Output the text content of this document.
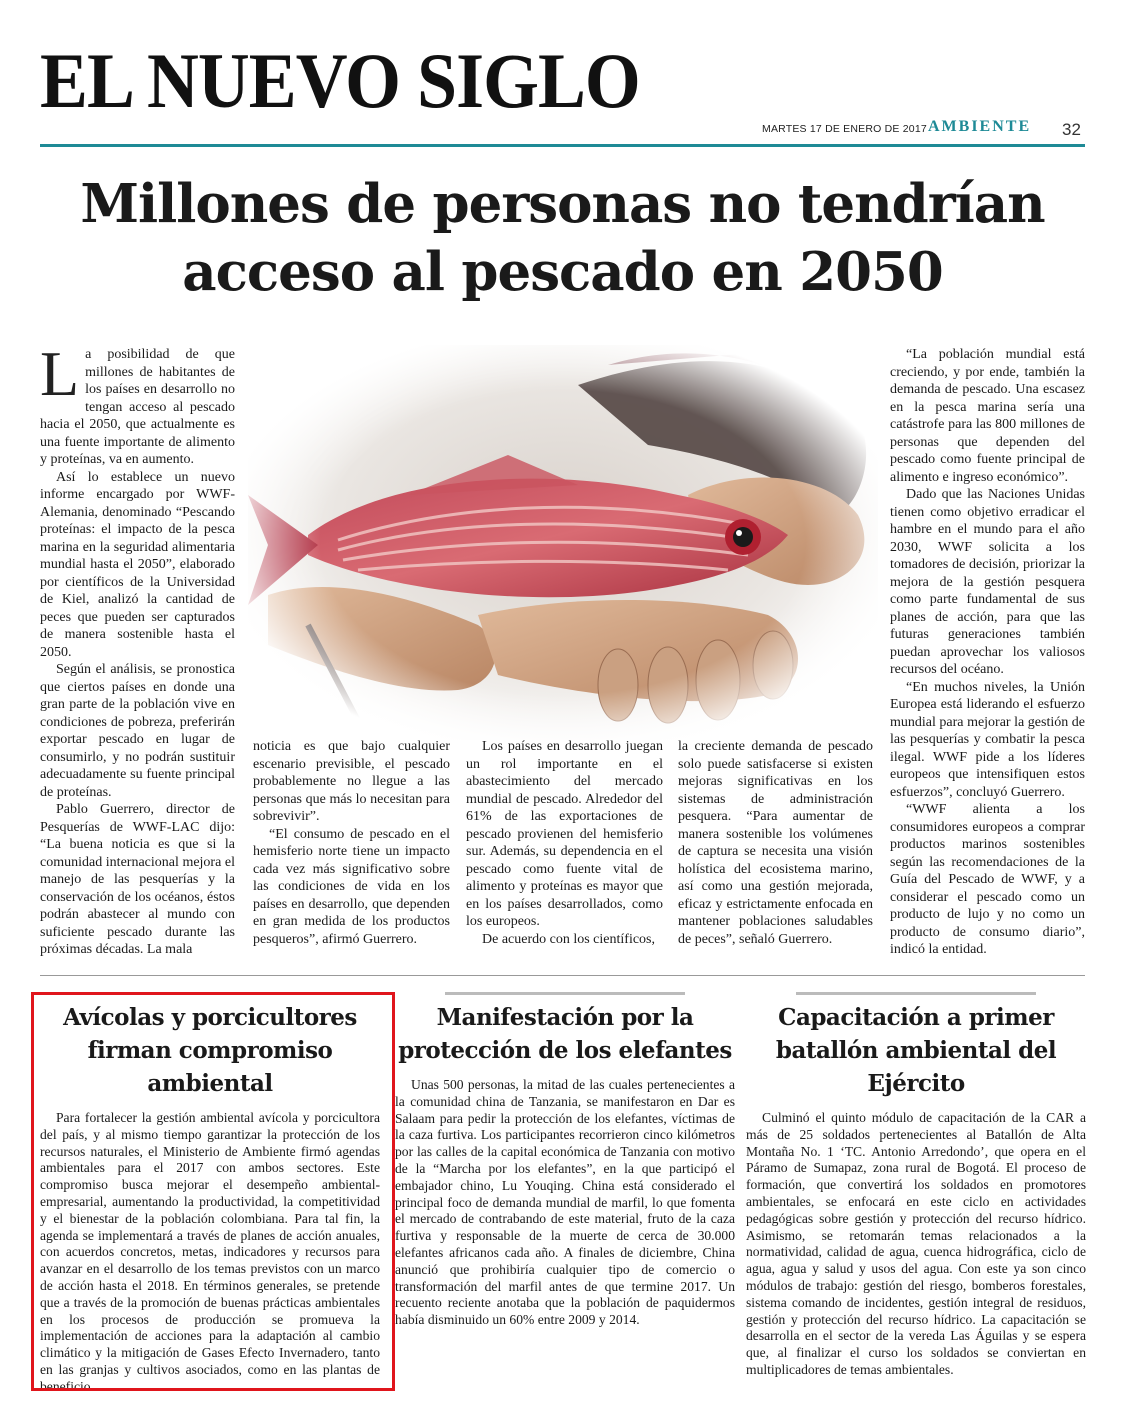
EL NUEVO SIGLO
MARTES 17 DE ENERO DE 2017 AMBIENTE 32
Millones de personas no tendrían
acceso al pescado en 2050

La posibilidad de que millones de habitantes de los países en desarrollo no tengan acceso al pescado hacia el 2050, que actualmente es una fuente importante de alimento y proteínas, va en aumento.

Así lo establece un nuevo informe encargado por WWF-Alemania, denominado “Pescando proteínas: el impacto de la pesca marina en la seguridad alimentaria mundial hasta el 2050”, elaborado por científicos de la Universidad de Kiel, analizó la cantidad de peces que pueden ser capturados de manera sostenible hasta el 2050.

Según el análisis, se pronostica que ciertos países en donde una gran parte de la población vive en condiciones de pobreza, preferirán exportar pescado en lugar de consumirlo, y no podrán sustituir adecuadamente su fuente principal de proteínas.

Pablo Guerrero, director de Pesquerías de WWF-LAC dijo: “La buena noticia es que si la comunidad internacional mejora el manejo de las pesquerías y la conservación de los océanos, éstos podrán abastecer al mundo con suficiente pescado durante las próximas décadas. La mala

noticia es que bajo cualquier escenario previsible, el pescado probablemente no llegue a las personas que más lo necesitan para sobrevivir”.

“El consumo de pescado en el hemisferio norte tiene un impacto cada vez más significativo sobre las condiciones de vida en los países en desarrollo, que dependen en gran medida de los productos pesqueros”, afirmó Guerrero.

Los países en desarrollo juegan un rol importante en el abastecimiento del mercado mundial de pescado. Alrededor del 61% de las exportaciones de pescado provienen del hemisferio sur. Además, su dependencia en el pescado como fuente vital de alimento y proteínas es mayor que en los países desarrollados, como los europeos.

De acuerdo con los científicos,

la creciente demanda de pescado solo puede satisfacerse si existen mejoras significativas en los sistemas de administración pesquera. “Para aumentar de manera sostenible los volúmenes de captura se necesita una visión holística del ecosistema marino, así como una gestión mejorada, eficaz y estrictamente enfocada en mantener poblaciones saludables de peces”, señaló Guerrero.

“La población mundial está creciendo, y por ende, también la demanda de pescado. Una escasez en la pesca marina sería una catástrofe para las 800 millones de personas que dependen del pescado como fuente principal de alimento e ingreso económico”.

Dado que las Naciones Unidas tienen como objetivo erradicar el hambre en el mundo para el año 2030, WWF solicita a los tomadores de decisión, priorizar la mejora de la gestión pesquera como parte fundamental de sus planes de acción, para que las futuras generaciones también puedan aprovechar los valiosos recursos del océano.

“En muchos niveles, la Unión Europea está liderando el esfuerzo mundial para mejorar la gestión de las pesquerías y combatir la pesca ilegal. WWF pide a los líderes europeos que intensifiquen estos esfuerzos”, concluyó Guerrero.

“WWF alienta a los consumidores europeos a comprar productos marinos sostenibles según las recomendaciones de la Guía del Pescado de WWF, y a considerar el pescado como un producto de lujo y no como un producto de consumo diario”, indicó la entidad.

Avícolas y porcicultores
firman compromiso ambiental
Para fortalecer la gestión ambiental avícola y porcicultora del país, y al mismo tiempo garantizar la protección de los recursos naturales, el Ministerio de Ambiente firmó agendas ambientales para el 2017 con ambos sectores. Este compromiso busca mejorar el desempeño ambiental-empresarial, aumentando la productividad, la competitividad y el bienestar de la población colombiana. Para tal fin, la agenda se implementará a través de planes de acción anuales, con acuerdos concretos, metas, indicadores y recursos para avanzar en el desarrollo de los temas previstos con un marco de acción hasta el 2018. En términos generales, se pretende que a través de la promoción de buenas prácticas ambientales en los procesos de producción se promueva la implementación de acciones para la adaptación al cambio climático y la mitigación de Gases Efecto Invernadero, tanto en las granjas y cultivos asociados, como en las plantas de beneficio.
Manifestación por la
protección de los elefantes
Unas 500 personas, la mitad de las cuales pertenecientes a la comunidad china de Tanzania, se manifestaron en Dar es Salaam para pedir la protección de los elefantes, víctimas de la caza furtiva. Los participantes recorrieron cinco kilómetros por las calles de la capital económica de Tanzania con motivo de la “Marcha por los elefantes”, en la que participó el embajador chino, Lu Youqing. China está considerado el principal foco de demanda mundial de marfil, lo que fomenta el mercado de contrabando de este material, fruto de la caza furtiva y responsable de la muerte de cerca de 30.000 elefantes africanos cada año. A finales de diciembre, China anunció que prohibiría cualquier tipo de comercio o transformación del marfil antes de que termine 2017. Un recuento reciente anotaba que la población de paquidermos había disminuido un 60% entre 2009 y 2014.
Capacitación a primer
batallón ambiental del Ejército
Culminó el quinto módulo de capacitación de la CAR a más de 25 soldados pertenecientes al Batallón de Alta Montaña No. 1 ‘TC. Antonio Arredondo’, que opera en el Páramo de Sumapaz, zona rural de Bogotá. El proceso de formación, que convertirá los soldados en promotores ambientales, se enfocará en este ciclo en actividades pedagógicas sobre gestión y protección del recurso hídrico. Asimismo, se retomarán temas relacionados a la normatividad, calidad de agua, cuenca hidrográfica, ciclo de agua, agua y salud y usos del agua. Con este ya son cinco módulos de trabajo: gestión del riesgo, bomberos forestales, sistema comando de incidentes, gestión integral de residuos, gestión y protección del recurso hídrico. La capacitación se desarrolla en el sector de la vereda Las Águilas y se espera que, al finalizar el curso los soldados se conviertan en multiplicadores de temas ambientales.
